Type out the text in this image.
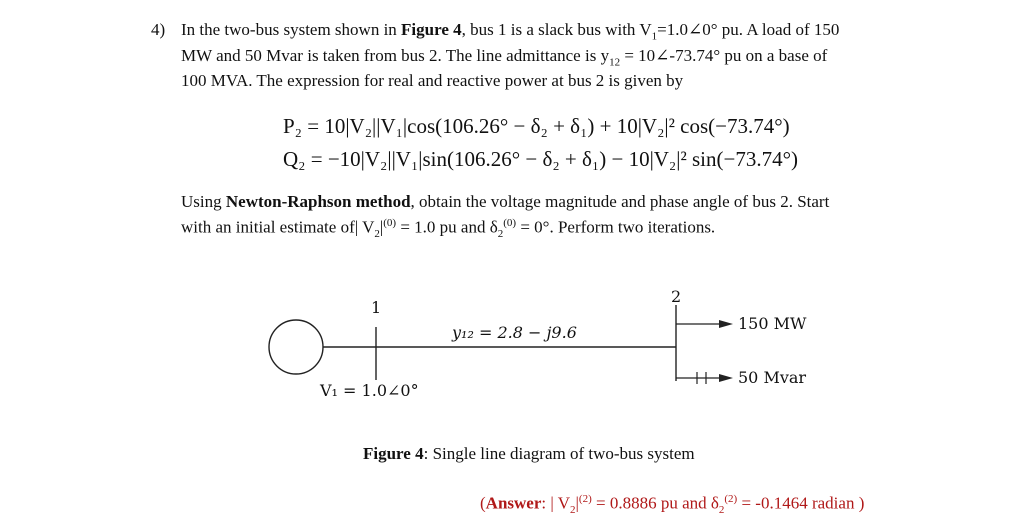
4) In the two-bus system shown in Figure 4, bus 1 is a slack bus with $V_1=1.0\angle 0^\circ$ pu. A load of 150
MW and 50 Mvar is taken from bus 2. The line admittance is $y_{12}$ = 10∠-73.74° pu on a base of
100 MVA. The expression for real and reactive power at bus 2 is given by
P₂ = 10|V₂||V₁|cos(106.26° − δ₂ + δ₁) + 10|V₂|² cos(−73.74°)
Q₂ = −10|V₂||V₁|sin(106.26° − δ₂ + δ₁) − 10|V₂|² sin(−73.74°)
Using Newton-Raphson method, obtain the voltage magnitude and phase angle of bus 2. Start
with an initial estimate of| $V_2|^{(0)} = 1.0$ pu and $\delta_2^{(0)} = 0^\circ$. Perform two iterations.
1
2
y₁₂ = 2.8 − j9.6
V₁ = 1.0∠0°
150 MW
50 Mvar
Figure 4: Single line diagram of two-bus system
(Answer: | $V_2|^{(2)} = 0.8886$ pu and $\delta_2^{(2)} = -0.1464$ radian )
